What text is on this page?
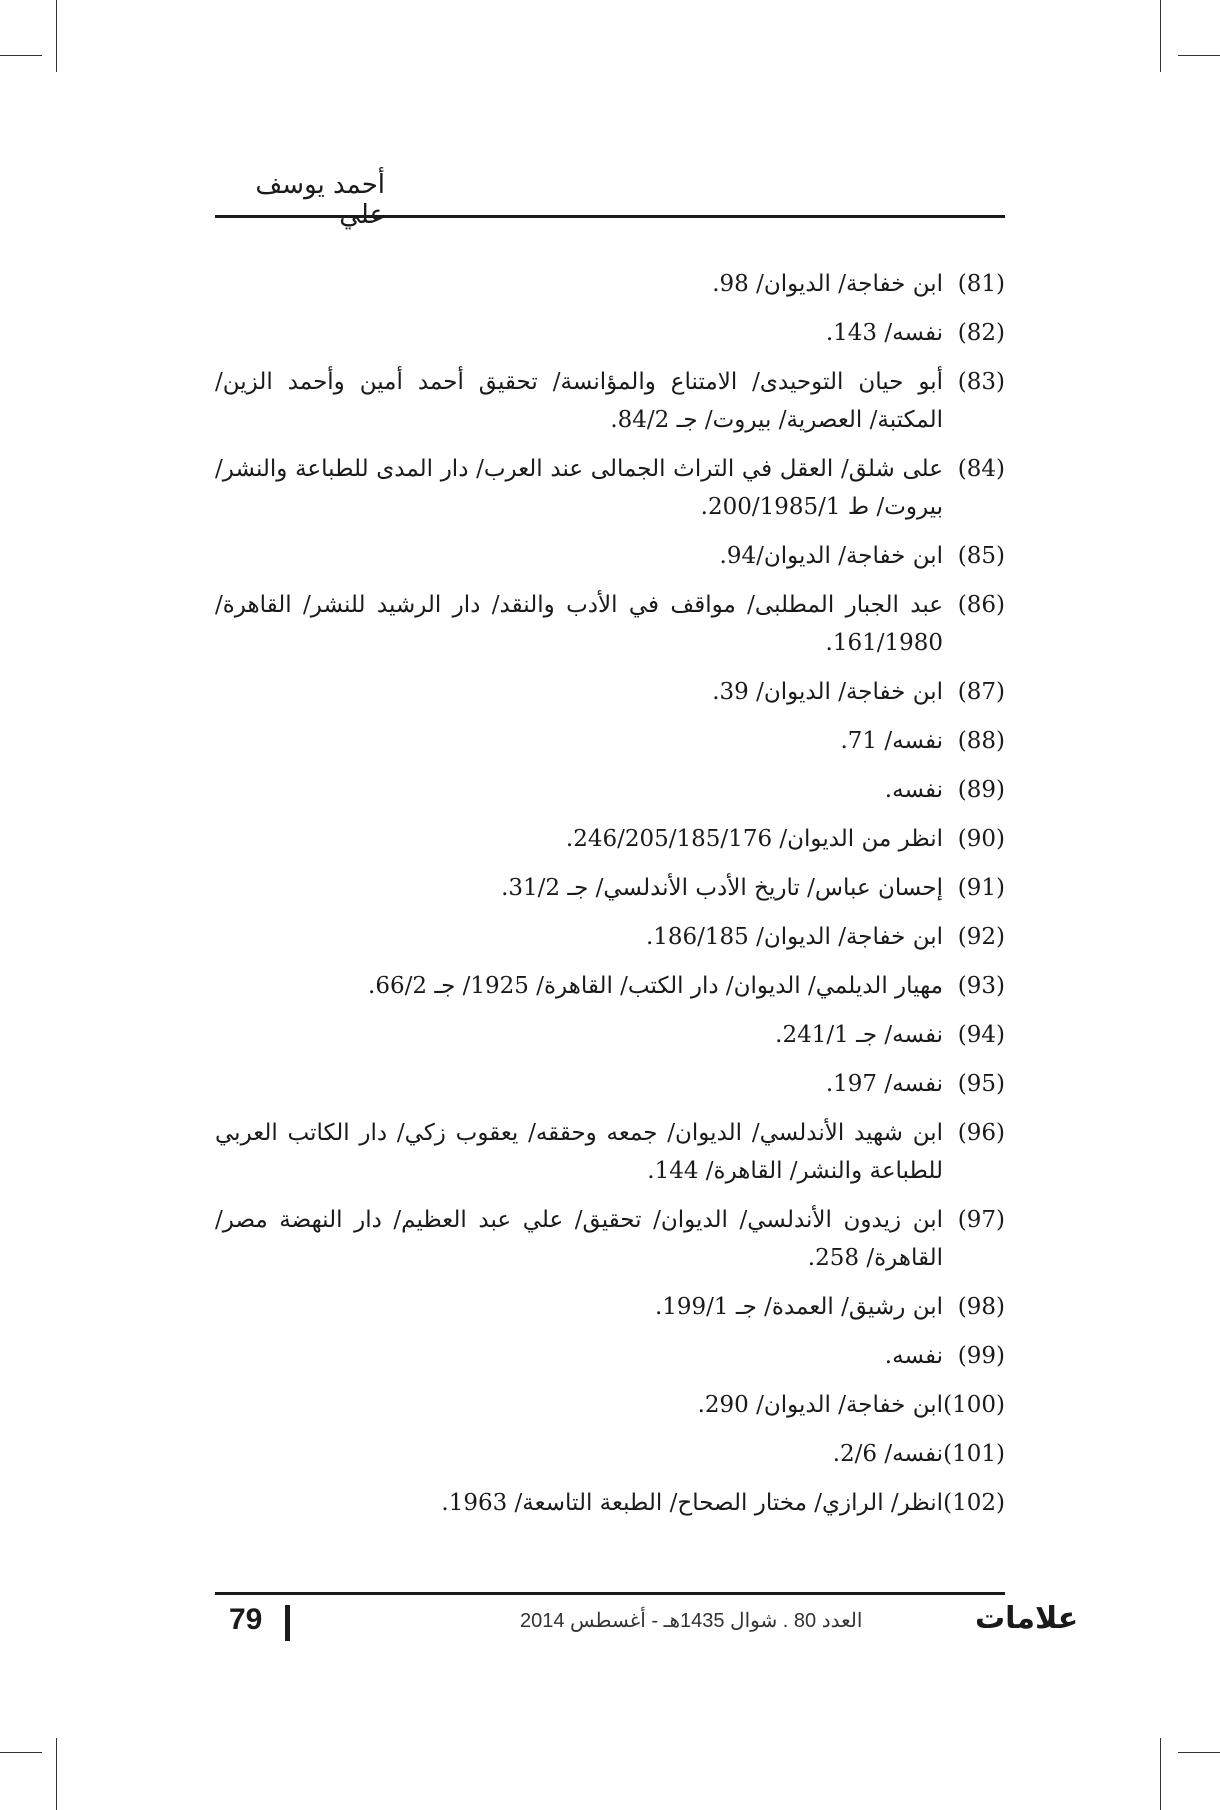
أحمد يوسف علي
(81)
ابن خفاجة/ الديوان/ 98.
(82)
نفسه/ 143.
(83)
أبو حيان التوحيدى/ الامتناع والمؤانسة/ تحقيق أحمد أمين وأحمد الزين/ المكتبة/ العصرية/ بيروت/ جـ 84/2.
(84)
على شلق/ العقل في التراث الجمالى عند العرب/ دار المدى للطباعة والنشر/ بيروت/ ط 200/1985/1.
(85)
ابن خفاجة/ الديوان/94.
(86)
عبد الجبار المطلبى/ مواقف في الأدب والنقد/ دار الرشيد للنشر/ القاهرة/ 161/1980.
(87)
ابن خفاجة/ الديوان/ 39.
(88)
نفسه/ 71.
(89)
نفسه.
(90)
انظر من الديوان/ 246/205/185/176.
(91)
إحسان عباس/ تاريخ الأدب الأندلسي/ جـ 31/2.
(92)
ابن خفاجة/ الديوان/ 186/185.
(93)
مهيار الديلمي/ الديوان/ دار الكتب/ القاهرة/ 1925/ جـ 66/2.
(94)
نفسه/ جـ 241/1.
(95)
نفسه/ 197.
(96)
ابن شهيد الأندلسي/ الديوان/ جمعه وحققه/ يعقوب زكي/ دار الكاتب العربي للطباعة والنشر/ القاهرة/ 144.
(97)
ابن زيدون الأندلسي/ الديوان/ تحقيق/ علي عبد العظيم/ دار النهضة مصر/ القاهرة/ 258.
(98)
ابن رشيق/ العمدة/ جـ 199/1.
(99)
نفسه.
(100)
ابن خفاجة/ الديوان/ 290.
(101)
نفسه/ 2/6.
(102)
انظر/ الرازي/ مختار الصحاح/ الطبعة التاسعة/ 1963.
79	العدد 80 . شوال 1435هـ - أغسطس 2014	علامات
